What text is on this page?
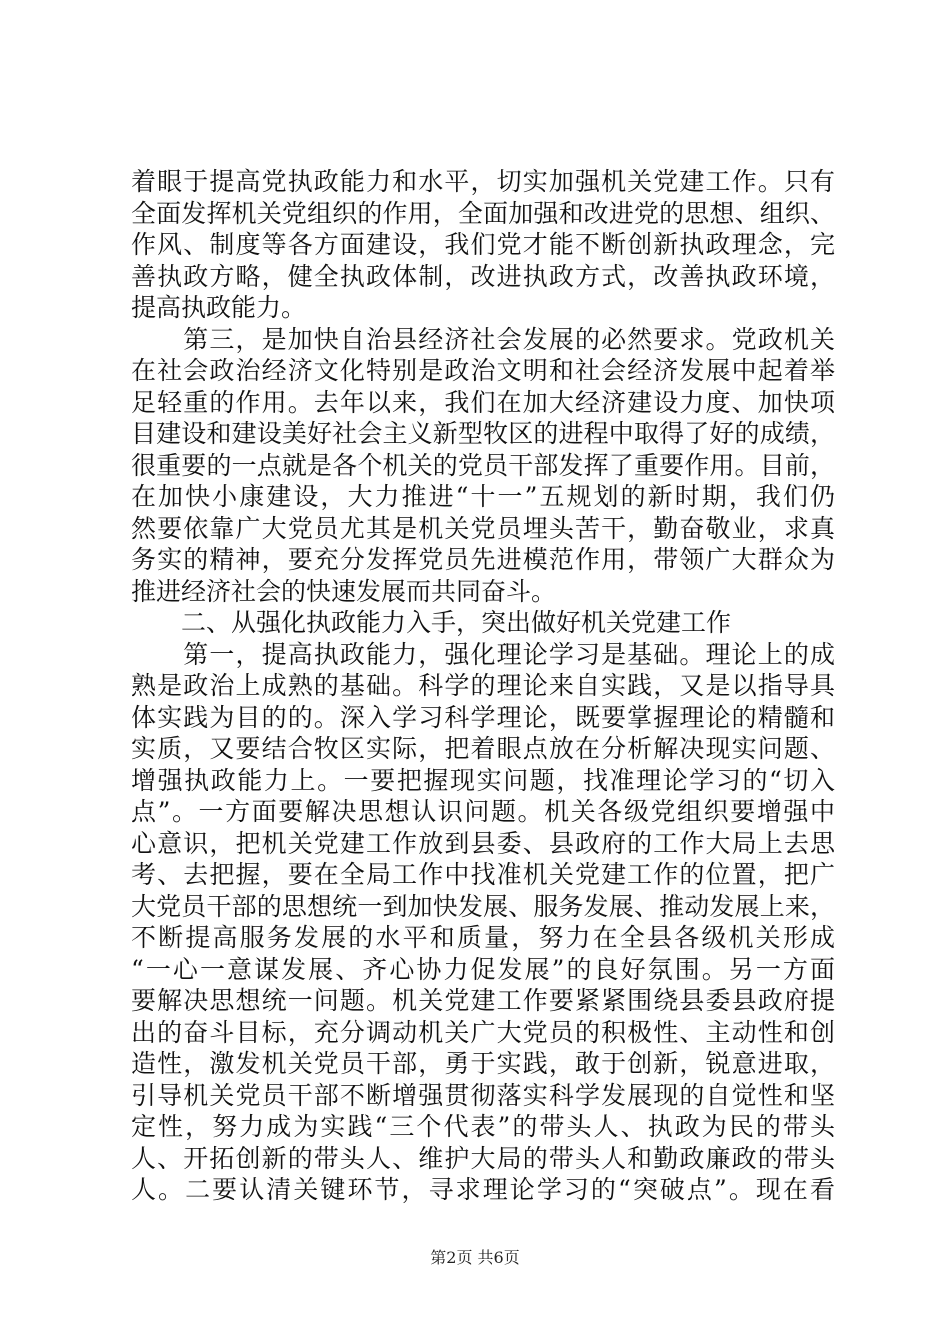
着眼于提高党执政能力和水平，切实加强机关党建工作。只有
全面发挥机关党组织的作用，全面加强和改进党的思想、组织、
作风、制度等各方面建设，我们党才能不断创新执政理念，完
善执政方略，健全执政体制，改进执政方式，改善执政环境，
提高执政能力。
　　第三，是加快自治县经济社会发展的必然要求。党政机关
在社会政治经济文化特别是政治文明和社会经济发展中起着举
足轻重的作用。去年以来，我们在加大经济建设力度、加快项
目建设和建设美好社会主义新型牧区的进程中取得了好的成绩，
很重要的一点就是各个机关的党员干部发挥了重要作用。目前，
在加快小康建设，大力推进“十一”五规划的新时期，我们仍
然要依靠广大党员尤其是机关党员埋头苦干，勤奋敬业，求真
务实的精神，要充分发挥党员先进模范作用，带领广大群众为
推进经济社会的快速发展而共同奋斗。
　　二、从强化执政能力入手，突出做好机关党建工作
　　第一，提高执政能力，强化理论学习是基础。理论上的成
熟是政治上成熟的基础。科学的理论来自实践，又是以指导具
体实践为目的的。深入学习科学理论，既要掌握理论的精髓和
实质，又要结合牧区实际，把着眼点放在分析解决现实问题、
增强执政能力上。一要把握现实问题，找准理论学习的“切入
点”。一方面要解决思想认识问题。机关各级党组织要增强中
心意识，把机关党建工作放到县委、县政府的工作大局上去思
考、去把握，要在全局工作中找准机关党建工作的位置，把广
大党员干部的思想统一到加快发展、服务发展、推动发展上来，
不断提高服务发展的水平和质量，努力在全县各级机关形成
“一心一意谋发展、齐心协力促发展”的良好氛围。另一方面
要解决思想统一问题。机关党建工作要紧紧围绕县委县政府提
出的奋斗目标，充分调动机关广大党员的积极性、主动性和创
造性，激发机关党员干部，勇于实践，敢于创新，锐意进取，
引导机关党员干部不断增强贯彻落实科学发展现的自觉性和坚
定性，努力成为实践“三个代表”的带头人、执政为民的带头
人、开拓创新的带头人、维护大局的带头人和勤政廉政的带头
人。二要认清关键环节，寻求理论学习的“突破点”。现在看
第2页 共6页
